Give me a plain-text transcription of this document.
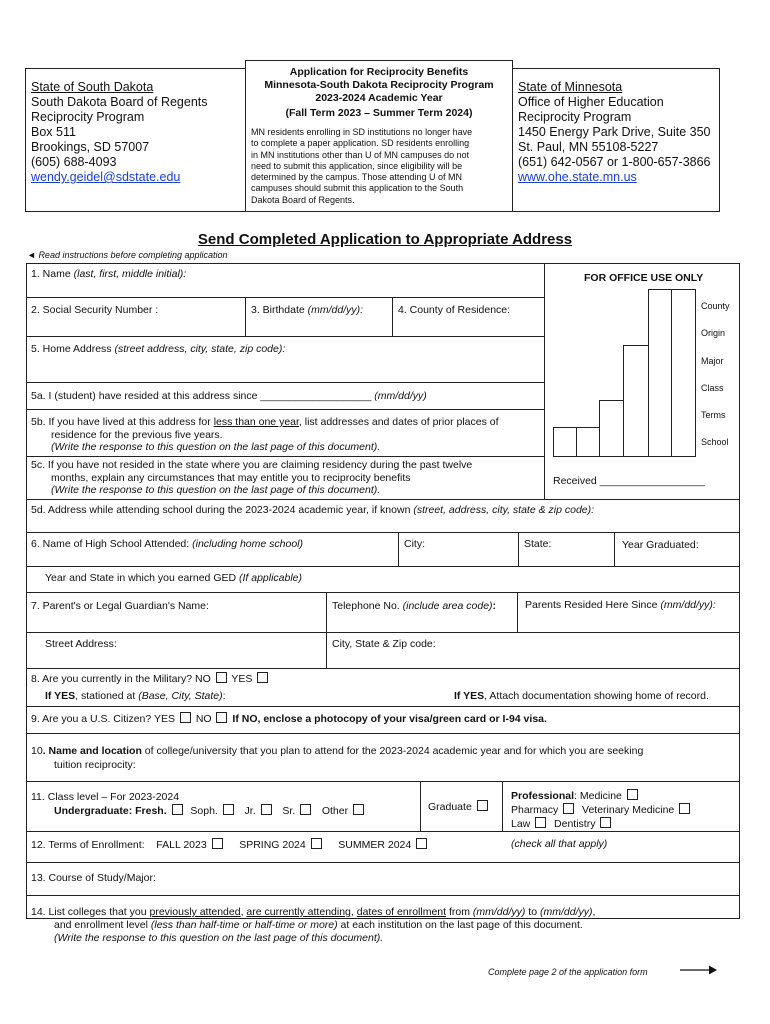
State of South Dakota
South Dakota Board of Regents
Reciprocity Program
Box 511
Brookings, SD 57007
(605) 688-4093
wendy.geidel@sdstate.edu
Application for Reciprocity Benefits
Minnesota-South Dakota Reciprocity Program
2023-2024 Academic Year
(Fall Term 2023 – Summer Term 2024)
MN residents enrolling in SD institutions no longer have
to complete a paper application. SD residents enrolling
in MN institutions other than U of MN campuses do not
need to submit this application, since eligibility will be
determined by the campus. Those attending U of MN
campuses should submit this application to the South
Dakota Board of Regents.
State of Minnesota
Office of Higher Education
Reciprocity Program
1450 Energy Park Drive, Suite 350
St. Paul, MN 55108-5227
(651) 642-0567 or 1-800-657-3866
www.ohe.state.mn.us
Send Completed Application to Appropriate Address
◄ Read instructions before completing application
FOR OFFICE USE ONLY
County
Origin
Major
Class
Terms
School
Received __________________
1. Name (last, first, middle initial):
2. Social Security Number :	3. Birthdate (mm/dd/yy):	4. County of Residence:
5. Home Address (street address, city, state, zip code):
5a. I (student) have resided at this address since ___________________ (mm/dd/yy)
5b. If you have lived at this address for less than one year, list addresses and dates of prior places of
residence for the previous five years.
(Write the response to this question on the last page of this document).
5c. If you have not resided in the state where you are claiming residency during the past twelve
months, explain any circumstances that may entitle you to reciprocity benefits
(Write the response to this question on the last page of this document).
5d. Address while attending school during the 2023-2024 academic year, if known (street, address, city, state & zip code):
6. Name of High School Attended: (including home school)	City:	State:	Year Graduated:
Year and State in which you earned GED (If applicable)
7. Parent's or Legal Guardian's Name:	Telephone No. (include area code):	Parents Resided Here Since (mm/dd/yy):
Street Address:	City, State & Zip code:
8. Are you currently in the Military? NO YES
If YES, stationed at (Base, City, State):	If YES, Attach documentation showing home of record.
9. Are you a U.S. Citizen? YES NO If NO, enclose a photocopy of your visa/green card or I-94 visa.
10. Name and location of college/university that you plan to attend for the 2023-2024 academic year and for which you are seeking
tuition reciprocity:
11. Class level – For 2023-2024
Undergraduate: Fresh. Soph.	Jr.	Sr.	Other	Graduate
Professional: Medicine
Pharmacy Veterinary Medicine
Law Dentistry
12. Terms of Enrollment: FALL 2023	SPRING 2024	SUMMER 2024	(check all that apply)
13. Course of Study/Major:
14. List colleges that you previously attended, are currently attending, dates of enrollment from (mm/dd/yy) to (mm/dd/yy),
and enrollment level (less than half-time or half-time or more) at each institution on the last page of this document.
(Write the response to this question on the last page of this document).
Complete page 2 of the application form
